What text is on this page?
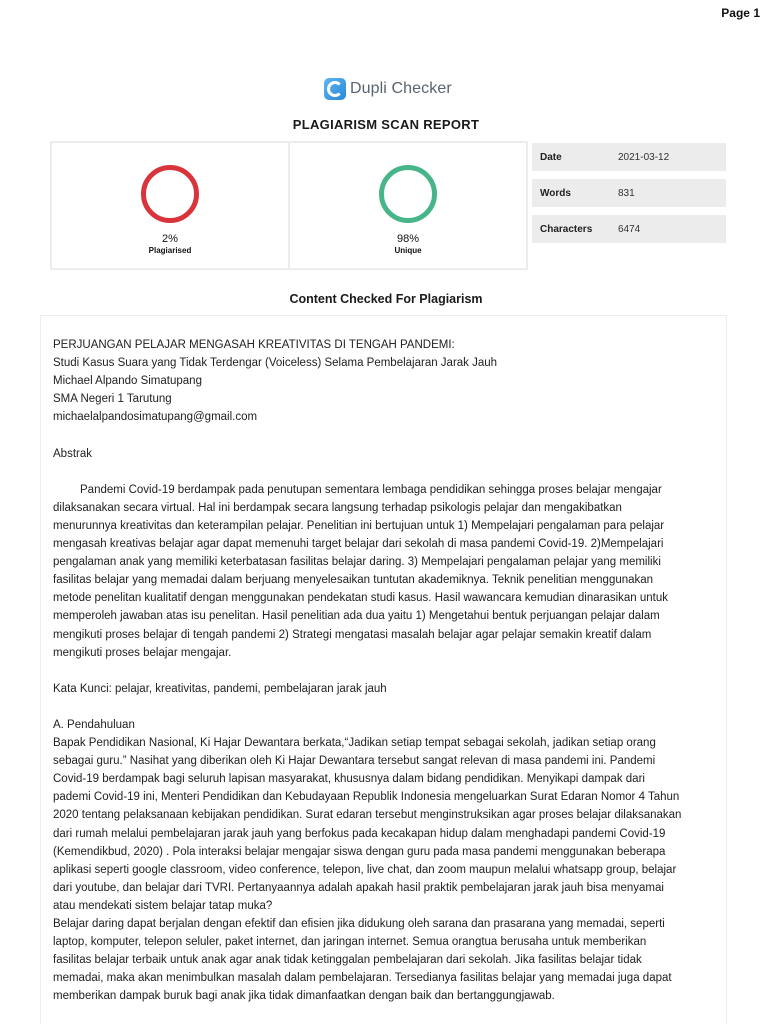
Page 1
Dupli Checker
PLAGIARISM SCAN REPORT
2%
Plagiarised
98%
Unique
Date	2021-03-12
Words	831
Characters	6474
Content Checked For Plagiarism

PERJUANGAN PELAJAR MENGASAH KREATIVITAS DI TENGAH PANDEMI:

Studi Kasus Suara yang Tidak Terdengar (Voiceless) Selama Pembelajaran Jarak Jauh

Michael Alpando Simatupang

SMA Negeri 1 Tarutung

michaelalpandosimatupang@gmail.com

Abstrak

Pandemi Covid-19 berdampak pada penutupan sementara lembaga pendidikan sehingga proses belajar mengajar

dilaksanakan secara virtual. Hal ini berdampak secara langsung terhadap psikologis pelajar dan mengakibatkan

menurunnya kreativitas dan keterampilan pelajar. Penelitian ini bertujuan untuk 1) Mempelajari pengalaman para pelajar

mengasah kreativas belajar agar dapat memenuhi target belajar dari sekolah di masa pandemi Covid-19. 2)Mempelajari

pengalaman anak yang memiliki keterbatasan fasilitas belajar daring. 3) Mempelajari pengalaman pelajar yang memiliki

fasilitas belajar yang memadai dalam berjuang menyelesaikan tuntutan akademiknya. Teknik penelitian menggunakan

metode penelitan kualitatif dengan menggunakan pendekatan studi kasus. Hasil wawancara kemudian dinarasikan untuk

memperoleh jawaban atas isu penelitan. Hasil penelitian ada dua yaitu 1) Mengetahui bentuk perjuangan pelajar dalam

mengikuti proses belajar di tengah pandemi 2) Strategi mengatasi masalah belajar agar pelajar semakin kreatif dalam

mengikuti proses belajar mengajar.

Kata Kunci: pelajar, kreativitas, pandemi, pembelajaran jarak jauh

A. Pendahuluan

Bapak Pendidikan Nasional, Ki Hajar Dewantara berkata,“Jadikan setiap tempat sebagai sekolah, jadikan setiap orang

sebagai guru.” Nasihat yang diberikan oleh Ki Hajar Dewantara tersebut sangat relevan di masa pandemi ini. Pandemi

Covid-19 berdampak bagi seluruh lapisan masyarakat, khususnya dalam bidang pendidikan. Menyikapi dampak dari

pademi Covid-19 ini, Menteri Pendidikan dan Kebudayaan Republik Indonesia mengeluarkan Surat Edaran Nomor 4 Tahun

2020 tentang pelaksanaan kebijakan pendidikan. Surat edaran tersebut menginstruksikan agar proses belajar dilaksanakan

dari rumah melalui pembelajaran jarak jauh yang berfokus pada kecakapan hidup dalam menghadapi pandemi Covid-19

(Kemendikbud, 2020) . Pola interaksi belajar mengajar siswa dengan guru pada masa pandemi menggunakan beberapa

aplikasi seperti google classroom, video conference, telepon, live chat, dan zoom maupun melalui whatsapp group, belajar

dari youtube, dan belajar dari TVRI. Pertanyaannya adalah apakah hasil praktik pembelajaran jarak jauh bisa menyamai

atau mendekati sistem belajar tatap muka?

Belajar daring dapat berjalan dengan efektif dan efisien jika didukung oleh sarana dan prasarana yang memadai, seperti

laptop, komputer, telepon seluler, paket internet, dan jaringan internet. Semua orangtua berusaha untuk memberikan

fasilitas belajar terbaik untuk anak agar anak tidak ketinggalan pembelajaran dari sekolah. Jika fasilitas belajar tidak

memadai, maka akan menimbulkan masalah dalam pembelajaran. Tersedianya fasilitas belajar yang memadai juga dapat

memberikan dampak buruk bagi anak jika tidak dimanfaatkan dengan baik dan bertanggungjawab.
